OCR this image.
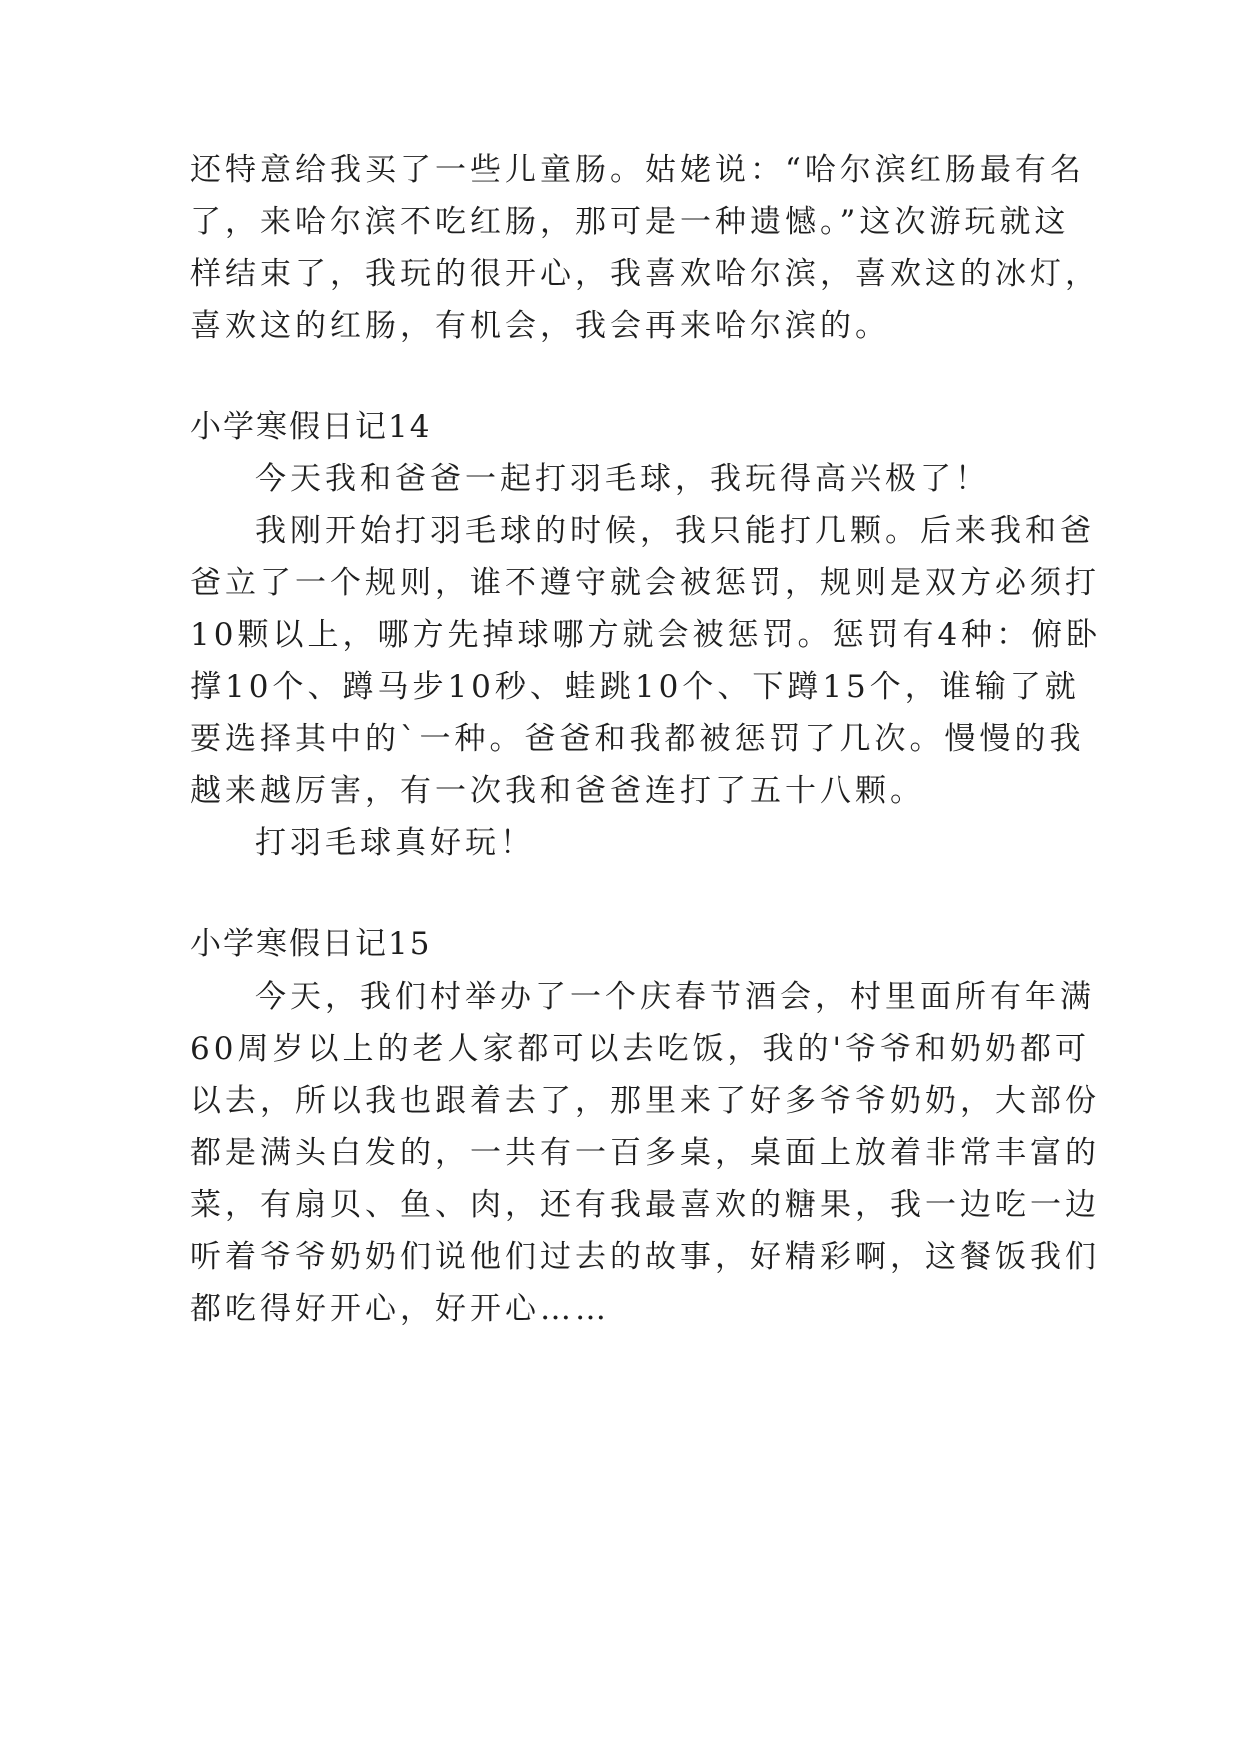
还特意给我买了一些儿童肠。姑姥说：“哈尔滨红肠最有名
了，来哈尔滨不吃红肠，那可是一种遗憾。”这次游玩就这
样结束了，我玩的很开心，我喜欢哈尔滨，喜欢这的冰灯，
喜欢这的红肠，有机会，我会再来哈尔滨的。
小学寒假日记14
今天我和爸爸一起打羽毛球，我玩得高兴极了！
我刚开始打羽毛球的时候，我只能打几颗。后来我和爸
爸立了一个规则，谁不遵守就会被惩罚，规则是双方必须打
10颗以上，哪方先掉球哪方就会被惩罚。惩罚有4种：俯卧
撑10个、蹲马步10秒、蛙跳10个、下蹲15个，谁输了就
要选择其中的`一种。爸爸和我都被惩罚了几次。慢慢的我
越来越厉害，有一次我和爸爸连打了五十八颗。
打羽毛球真好玩！
小学寒假日记15
今天，我们村举办了一个庆春节酒会，村里面所有年满
60周岁以上的老人家都可以去吃饭，我的'爷爷和奶奶都可
以去，所以我也跟着去了，那里来了好多爷爷奶奶，大部份
都是满头白发的，一共有一百多桌，桌面上放着非常丰富的
菜，有扇贝、鱼、肉，还有我最喜欢的糖果，我一边吃一边
听着爷爷奶奶们说他们过去的故事，好精彩啊，这餐饭我们
都吃得好开心，好开心……
